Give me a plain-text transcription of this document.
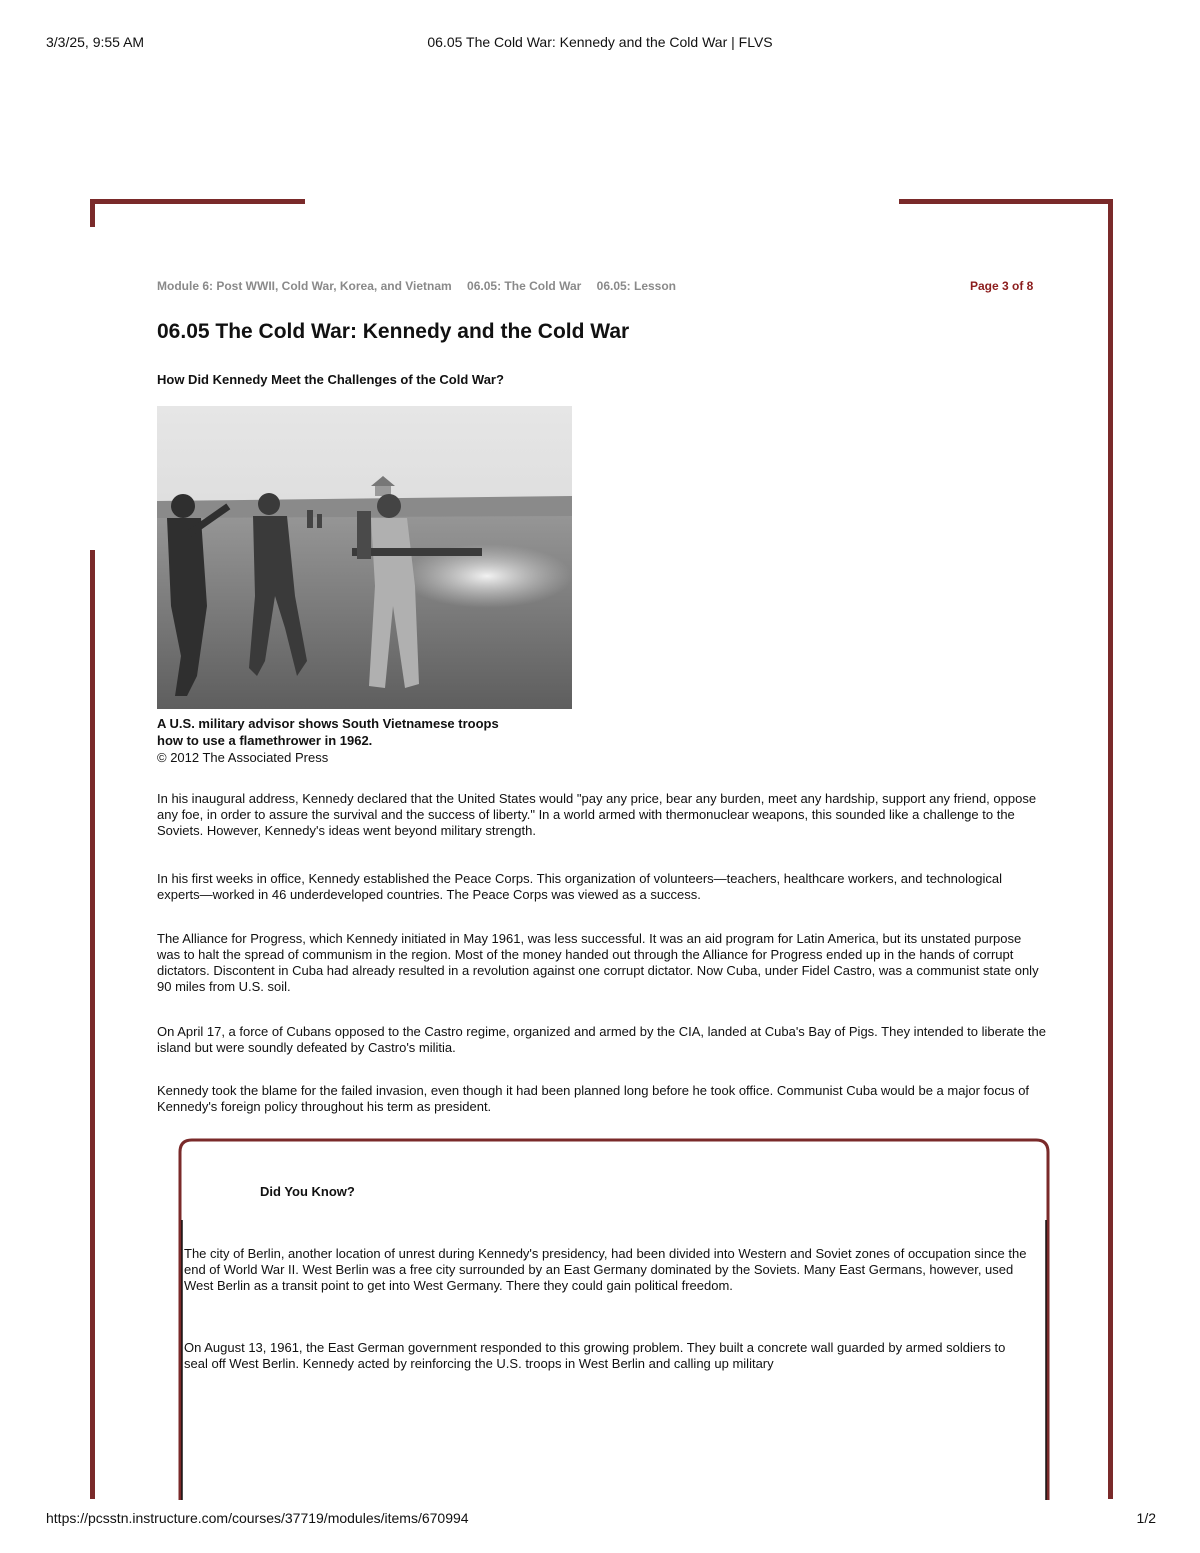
3/3/25, 9:55 AM	06.05 The Cold War: Kennedy and the Cold War | FLVS
https://pcsstn.instructure.com/courses/37719/modules/items/670994	1/2
Module 6: Post WWII, Cold War, Korea, and Vietnam 06.05: The Cold War 06.05: Lesson	Page 3 of 8
06.05 The Cold War: Kennedy and the Cold War
How Did Kennedy Meet the Challenges of the Cold War?
A U.S. military advisor shows South Vietnamese troops
how to use a flamethrower in 1962.
© 2012 The Associated Press

In his inaugural address, Kennedy declared that the United States would "pay any price, bear any burden, meet any hardship, support any friend, oppose any foe, in order to assure the survival and the success of liberty." In a world armed with thermonuclear weapons, this sounded like a challenge to the Soviets. However, Kennedy's ideas went beyond military strength.

In his first weeks in office, Kennedy established the Peace Corps. This organization of volunteers—teachers, healthcare workers, and technological experts—worked in 46 underdeveloped countries. The Peace Corps was viewed as a success.

The Alliance for Progress, which Kennedy initiated in May 1961, was less successful. It was an aid program for Latin America, but its unstated purpose was to halt the spread of communism in the region. Most of the money handed out through the Alliance for Progress ended up in the hands of corrupt dictators. Discontent in Cuba had already resulted in a revolution against one corrupt dictator. Now Cuba, under Fidel Castro, was a communist state only 90 miles from U.S. soil.

On April 17, a force of Cubans opposed to the Castro regime, organized and armed by the CIA, landed at Cuba's Bay of Pigs. They intended to liberate the island but were soundly defeated by Castro's militia.

Kennedy took the blame for the failed invasion, even though it had been planned long before he took office. Communist Cuba would be a major focus of Kennedy's foreign policy throughout his term as president.

Did You Know?

The city of Berlin, another location of unrest during Kennedy's presidency, had been divided into Western and Soviet zones of occupation since the end of World War II. West Berlin was a free city surrounded by an East Germany dominated by the Soviets. Many East Germans, however, used West Berlin as a transit point to get into West Germany. There they could gain political freedom.

On August 13, 1961, the East German government responded to this growing problem. They built a concrete wall guarded by armed soldiers to seal off West Berlin. Kennedy acted by reinforcing the U.S. troops in West Berlin and calling up military
